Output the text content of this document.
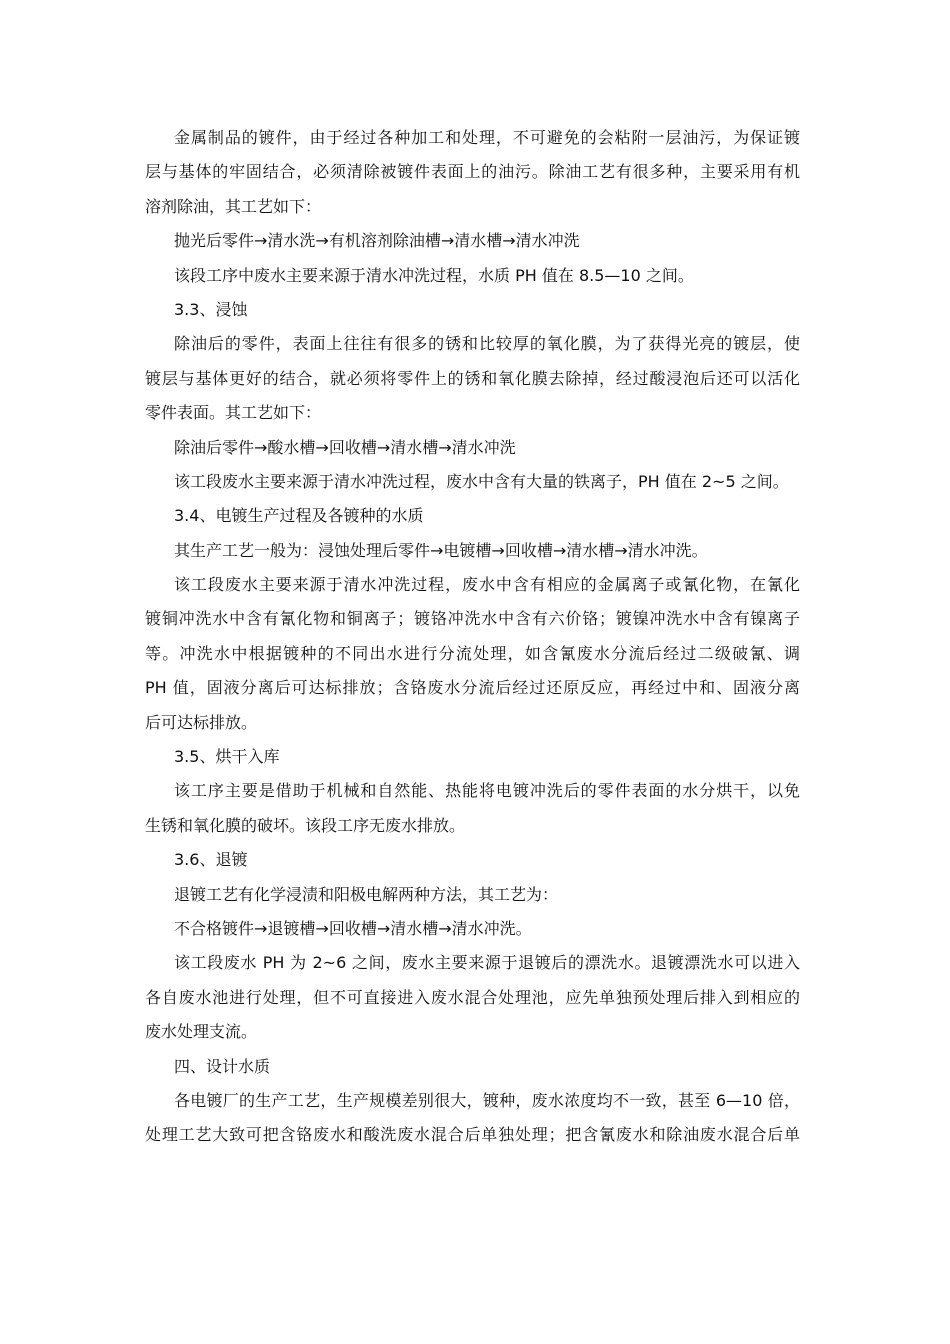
金属制品的镀件，由于经过各种加工和处理，不可避免的会粘附一层油污，为保证镀
层与基体的牢固结合，必须清除被镀件表面上的油污。除油工艺有很多种，主要采用有机
溶剂除油，其工艺如下：
抛光后零件→清水洗→有机溶剂除油槽→清水槽→清水冲洗
该段工序中废水主要来源于清水冲洗过程，水质 PH 值在 8.5—10 之间。
3.3、浸蚀
除油后的零件，表面上往往有很多的锈和比较厚的氧化膜，为了获得光亮的镀层，使
镀层与基体更好的结合，就必须将零件上的锈和氧化膜去除掉，经过酸浸泡后还可以活化
零件表面。其工艺如下：
除油后零件→酸水槽→回收槽→清水槽→清水冲洗
该工段废水主要来源于清水冲洗过程，废水中含有大量的铁离子，PH 值在 2~5 之间。
3.4、电镀生产过程及各镀种的水质
其生产工艺一般为：浸蚀处理后零件→电镀槽→回收槽→清水槽→清水冲洗。
该工段废水主要来源于清水冲洗过程，废水中含有相应的金属离子或氰化物，在氰化
镀铜冲洗水中含有氰化物和铜离子；镀铬冲洗水中含有六价铬；镀镍冲洗水中含有镍离子
等。冲洗水中根据镀种的不同出水进行分流处理，如含氰废水分流后经过二级破氰、调
PH 值，固液分离后可达标排放；含铬废水分流后经过还原反应，再经过中和、固液分离
后可达标排放。
3.5、烘干入库
该工序主要是借助于机械和自然能、热能将电镀冲洗后的零件表面的水分烘干，以免
生锈和氧化膜的破坏。该段工序无废水排放。
3.6、退镀
退镀工艺有化学浸渍和阳极电解两种方法，其工艺为：
不合格镀件→退镀槽→回收槽→清水槽→清水冲洗。
该工段废水 PH 为 2~6 之间，废水主要来源于退镀后的漂洗水。退镀漂洗水可以进入
各自废水池进行处理，但不可直接进入废水混合处理池，应先单独预处理后排入到相应的
废水处理支流。
四、设计水质
各电镀厂的生产工艺，生产规模差别很大，镀种，废水浓度均不一致，甚至 6—10 倍，
处理工艺大致可把含铬废水和酸洗废水混合后单独处理；把含氰废水和除油废水混合后单
